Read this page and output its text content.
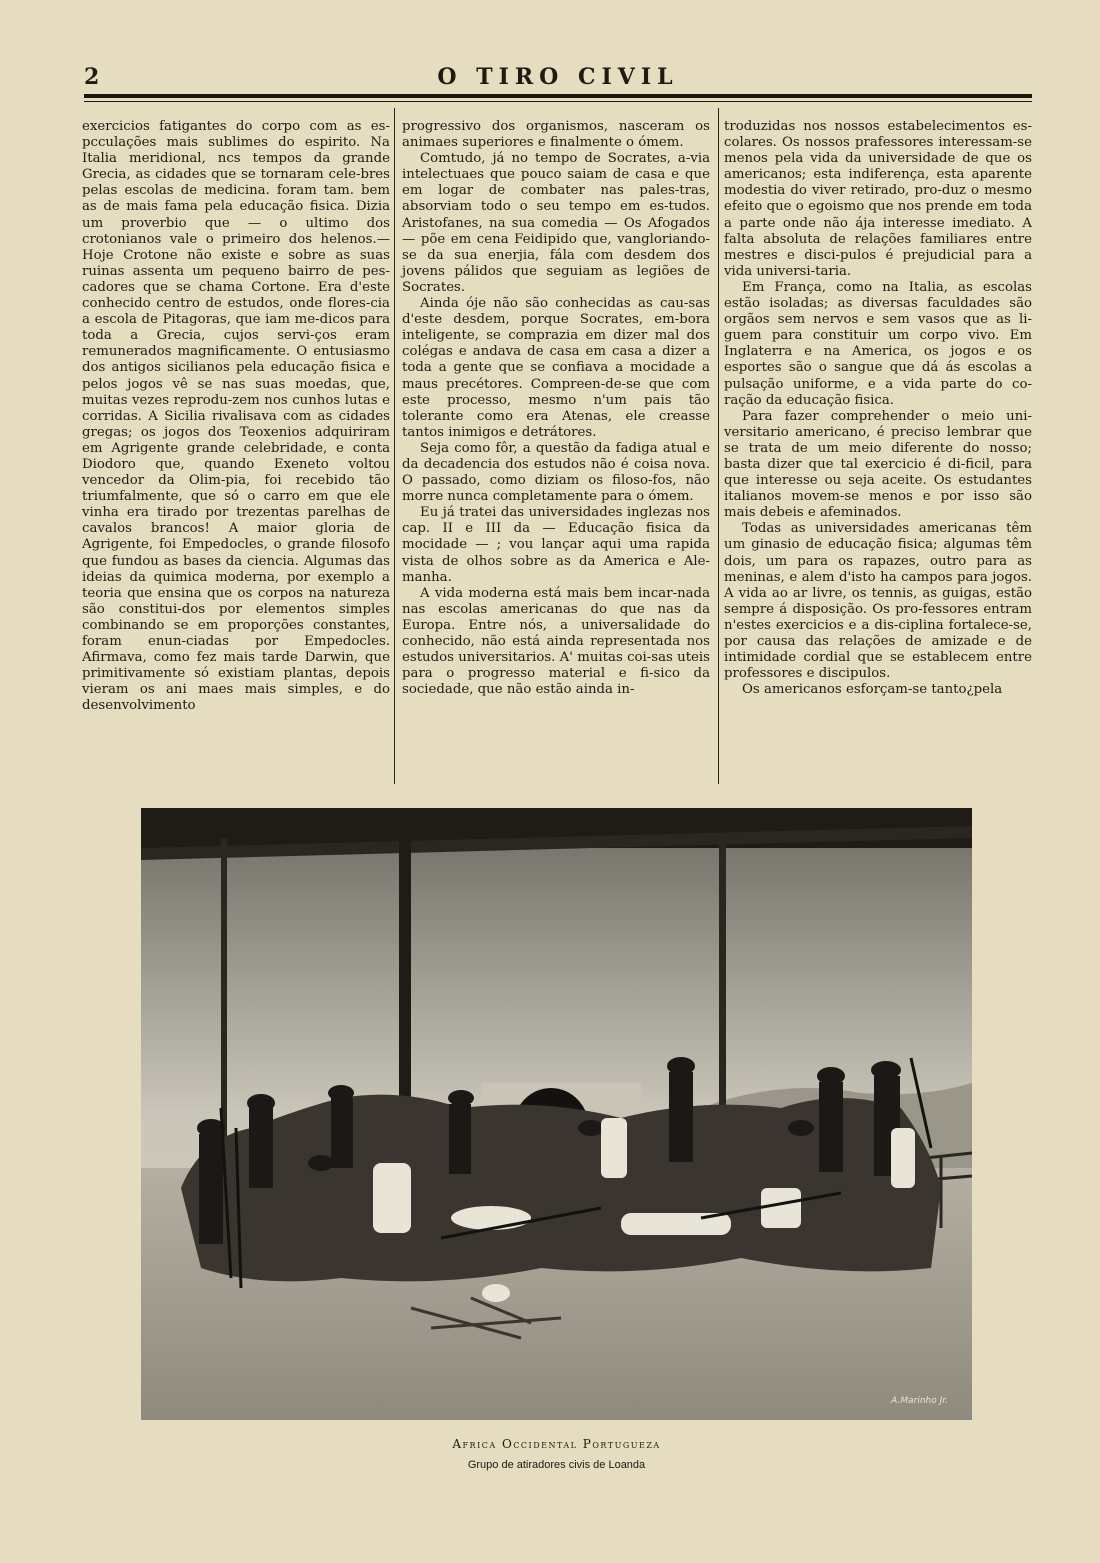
2	O TIRO CIVIL

exercicios fatigantes do corpo com as es-pcculações mais sublimes do espirito. Na Italia meridional, ncs tempos da grande Grecia, as cidades que se tornaram cele-bres pelas escolas de medicina. foram tam. bem as de mais fama pela educação fisica. Dizia um proverbio que — o ultimo dos crotonianos vale o primeiro dos helenos.— Hoje Crotone não existe e sobre as suas ruinas assenta um pequeno bairro de pes-cadores que se chama Cortone. Era d'este conhecido centro de estudos, onde flores-cia a escola de Pitagoras, que iam me-dicos para toda a Grecia, cujos servi-ços eram remunerados magnificamente. O entusiasmo dos antigos sicilianos pela educação fisica e pelos jogos vê se nas suas moedas, que, muitas vezes reprodu-zem nos cunhos lutas e corridas. A Sicilia rivalisava com as cidades gregas; os jogos dos Teoxenios adquiriram em Agrigente grande celebridade, e conta Diodoro que, quando Exeneto voltou vencedor da Olim-pia, foi recebido tão triumfalmente, que só o carro em que ele vinha era tirado por trezentas parelhas de cavalos brancos! A maior gloria de Agrigente, foi Empedocles, o grande filosofo que fundou as bases da ciencia. Algumas das ideias da quimica moderna, por exemplo a teoria que ensina que os corpos na natureza são constitui-dos por elementos simples combinando se em proporções constantes, foram enun-ciadas por Empedocles. Afirmava, como fez mais tarde Darwin, que primitivamente só existiam plantas, depois vieram os ani maes mais simples, e do desenvolvimento

progressivo dos organismos, nasceram os animaes superiores e finalmente o ómem.

Comtudo, já no tempo de Socrates, a-via intelectuaes que pouco saiam de casa e que em logar de combater nas pales-tras, absorviam todo o seu tempo em es-tudos. Aristofanes, na sua comedia — Os Afogados — põe em cena Feidipido que, vangloriando-se da sua enerjia, fála com desdem dos jovens pálidos que seguiam as legiões de Socrates.

Ainda óje não são conhecidas as cau-sas d'este desdem, porque Socrates, em-bora inteligente, se comprazia em dizer mal dos colégas e andava de casa em casa a dizer a toda a gente que se confiava a mocidade a maus precétores. Compreen-de-se que com este processo, mesmo n'um pais tão tolerante como era Atenas, ele creasse tantos inimigos e detrátores.

Seja como fôr, a questão da fadiga atual e da decadencia dos estudos não é coisa nova. O passado, como diziam os filoso-fos, não morre nunca completamente para o ómem.

Eu já tratei das universidades inglezas nos cap. II e III da — Educação fisica da mocidade — ; vou lançar aqui uma rapida vista de olhos sobre as da America e Ale-manha.

A vida moderna está mais bem incar-nada nas escolas americanas do que nas da Europa. Entre nós, a universalidade do conhecido, não está ainda representada nos estudos universitarios. A' muitas coi-sas uteis para o progresso material e fi-sico da sociedade, que não estão ainda in-

troduzidas nos nossos estabelecimentos es-colares. Os nossos prafessores interessam-se menos pela vida da universidade de que os americanos; esta indiferença, esta aparente modestia do viver retirado, pro-duz o mesmo efeito que o egoismo que nos prende em toda a parte onde não ája interesse imediato. A falta absoluta de relações familiares entre mestres e disci-pulos é prejudicial para a vida universi-taria.

Em França, como na Italia, as escolas estão isoladas; as diversas faculdades são orgãos sem nervos e sem vasos que as li-guem para constituir um corpo vivo. Em Inglaterra e na America, os jogos e os esportes são o sangue que dá ás escolas a pulsação uniforme, e a vida parte do co-ração da educação fisica.

Para fazer comprehender o meio uni-versitario americano, é preciso lembrar que se trata de um meio diferente do nosso; basta dizer que tal exercicio é di-ficil, para que interesse ou seja aceite. Os estudantes italianos movem-se menos e por isso são mais debeis e afeminados.

Todas as universidades americanas têm um ginasio de educação fisica; algumas têm dois, um para os rapazes, outro para as meninas, e alem d'isto ha campos para jogos. A vida ao ar livre, os tennis, as guigas, estão sempre á disposição. Os pro-fessores entram n'estes exercicios e a dis-ciplina fortalece-se, por causa das relações de amizade e de intimidade cordial que se establecem entre professores e discipulos.

Os americanos esforçam-se tanto¿pela

A.Marinho Jr.
Africa Occidental Portugueza
Grupo de atiradores civis de Loanda
